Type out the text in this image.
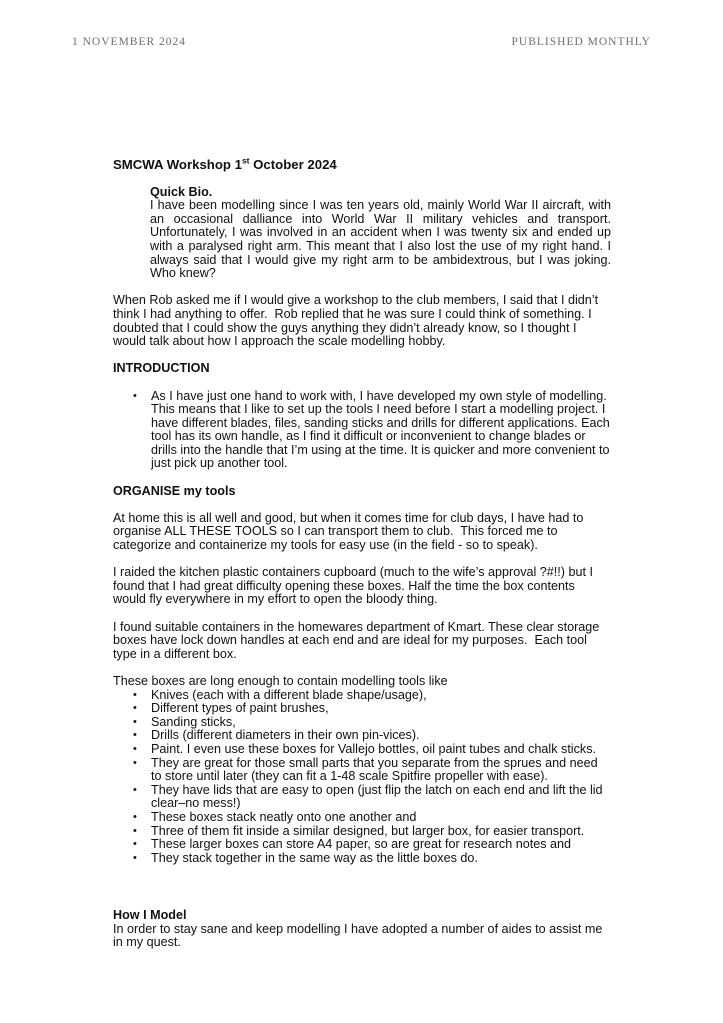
1 NOVEMBER 2024	PUBLISHED MONTHLY
SMCWA Workshop 1st October 2024
Quick Bio.
I have been modelling since I was ten years old, mainly World War II aircraft, with an occasional dalliance into World War II military vehicles and transport. Unfortunately, I was involved in an accident when I was twenty six and ended up with a paralysed right arm. This meant that I also lost the use of my right hand. I always said that I would give my right arm to be ambidextrous, but I was joking. Who knew?
When Rob asked me if I would give a workshop to the club members, I said that I didn’t think I had anything to offer.  Rob replied that he was sure I could think of something. I doubted that I could show the guys anything they didn’t already know, so I thought I would talk about how I approach the scale modelling hobby.
INTRODUCTION
•	As I have just one hand to work with, I have developed my own style of modelling. This means that I like to set up the tools I need before I start a modelling project. I have different blades, files, sanding sticks and drills for different applications. Each tool has its own handle, as I find it difficult or inconvenient to change blades or drills into the handle that I’m using at the time. It is quicker and more convenient to just pick up another tool.
ORGANISE my tools
At home this is all well and good, but when it comes time for club days, I have had to organise ALL THESE TOOLS so I can transport them to club.  This forced me to categorize and containerize my tools for easy use (in the field - so to speak).
I raided the kitchen plastic containers cupboard (much to the wife’s approval ?#!!) but I found that I had great difficulty opening these boxes. Half the time the box contents would fly everywhere in my effort to open the bloody thing.
I found suitable containers in the homewares department of Kmart. These clear storage boxes have lock down handles at each end and are ideal for my purposes.  Each tool type in a different box.
These boxes are long enough to contain modelling tools like
•	Knives (each with a different blade shape/usage),
•	Different types of paint brushes,
•	Sanding sticks,
•	Drills (different diameters in their own pin-vices).
•	Paint. I even use these boxes for Vallejo bottles, oil paint tubes and chalk sticks.
•	They are great for those small parts that you separate from the sprues and need to store until later (they can fit a 1-48 scale Spitfire propeller with ease).
•	They have lids that are easy to open (just flip the latch on each end and lift the lid clear–no mess!)
•	These boxes stack neatly onto one another and
•	Three of them fit inside a similar designed, but larger box, for easier transport.
•	These larger boxes can store A4 paper, so are great for research notes and
•	They stack together in the same way as the little boxes do.
How I Model
In order to stay sane and keep modelling I have adopted a number of aides to assist me in my quest.
